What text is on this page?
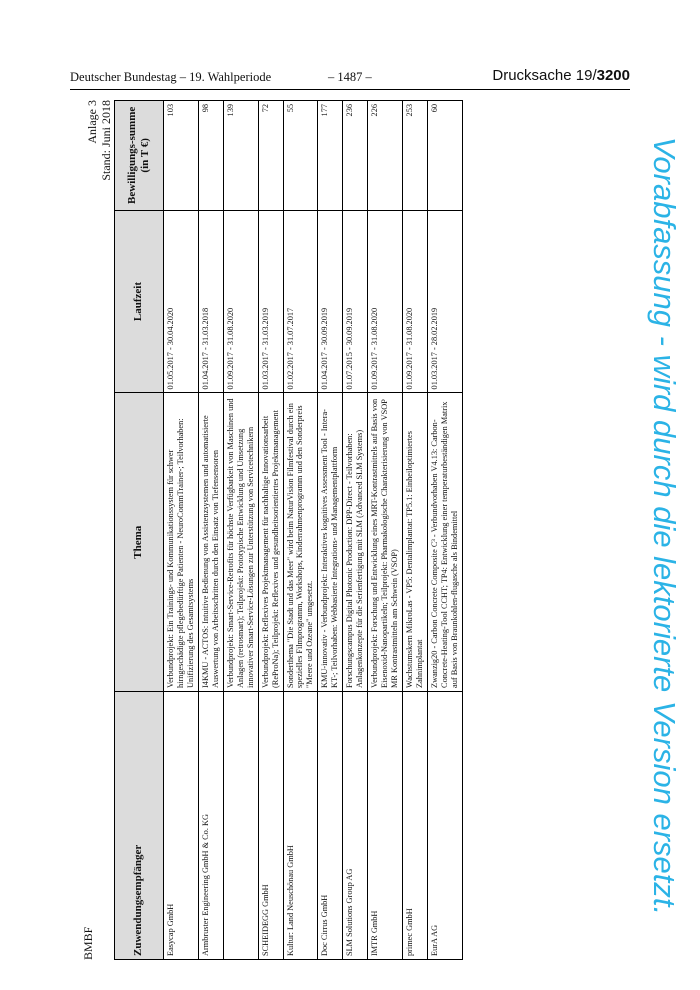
Deutscher Bundestag – 19. Wahlperiode	– 1487 –	Drucksache 19/3200
BMBF
Anlage 3 Stand: Juni 2018
Zuwendungsempfänger	Thema	Laufzeit	Bewilligungs-summe (in T €)
Easycap GmbH	Verbundprojekt: Ein Trainings- und Kommunikationssystem für schwer hirngeschädigte pflegebedürftige Patienten - NeuroCommTrainer-; Teilvorhaben: Unifizierung des Gesamtsystems	01.05.2017 - 30.04.2020	103
Armbruster Engineering GmbH & Co. KG	I4KMU - ACTOS: Intuitive Bedienung von Assistenzsystemen und automatisierte Auswertung von Arbeitsschritten durch den Einsatz von Tiefensensoren	01.04.2017 - 31.03.2018	98
	Verbundprojekt: Smart-Service-Retrofits für höchste Verfügbarkeit von Maschinen und Anlagen (retrosmart); Teilprojekt: Prototypische Entwicklung und Umsetzung innovativer Smart-Service-Lösungen zur Unterstützung von Servicetechnikern	01.09.2017 - 31.08.2020	139
SCHEIDEGG GmbH	Verbundprojekt: Reflexives Projektmanagement für nachhaltige Innovationsarbeit (ReProNa); Teilprojekt: Reflexives und gesundheitsorientiertes Projektmanagement	01.03.2017 - 31.03.2019	72
Kultur: Land Neuschönau GmbH	Sonderthema "Die Stadt und das Meer" wird beim NaturVision Filmfestival durch ein spezielles Filmprogramm, Workshops, Kinderrahmenprogramm und den Sonderpreis "Meere und Ozeane" umgesetzt.	01.02.2017 - 31.07.2017	55
Doc Cirrus GmbH	KMU-innovativ - Verbundprojekt: Interaktives kognitives Assessment Tool - Intera-KT-; Teilvorhaben: Webbasierte Integrations- und Managementplattform	01.04.2017 - 30.09.2019	177
SLM Solutions Group AG	Forschungscampus Digital Photonic Production: DPP-Direct - Teilvorhaben: Anlagenkonzepte für die Serienfertigung mit SLM (Advanced SLM Systems)	01.07.2015 - 30.09.2019	236
IMTR GmbH	Verbundprojekt: Forschung und Entwicklung eines MRT-Kontrastmittels auf Basis von Eisenoxid-Nanopartikeln; Teilprojekt: Pharmakologische Charakterisierung von VSOP MR Kontrastmitteln am Schwein (VSOP)	01.09.2017 - 31.08.2020	226
primec GmbH	Wachstumskern MikroLas - VP5: Dentalimplantat: TP5.1: Einheiloptimiertes Zahnimplantat	01.09.2017 - 31.08.2020	253
EurA AG	Zwanzig20 - Carbon Concrete Composite C³ - Verbundvorhaben V4.13: Carbon-Concrete-Heating-Tool CCHT; TP4: Entwicklung einer temperaturbeständigen Matrix auf Basis von Braunkohlen-flugasche als Bindemittel	01.03.2017 - 28.02.2019	60
Vorabfassung - wird durch die lektorierte Version ersetzt.
